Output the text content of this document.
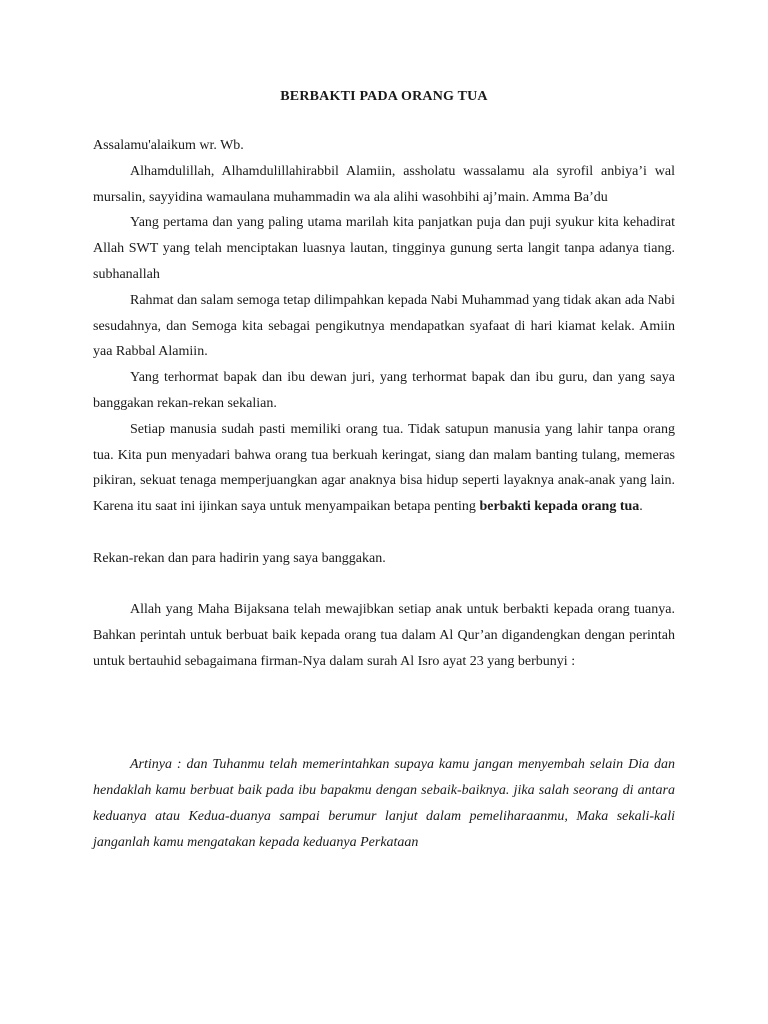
BERBAKTI PADA ORANG TUA

Assalamu'alaikum wr. Wb.

Alhamdulillah, Alhamdulillahirabbil Alamiin, assholatu wassalamu ala syrofil anbiya’i wal mursalin, sayyidina wamaulana muhammadin wa ala alihi wasohbihi aj’main. Amma Ba’du

Yang pertama dan yang paling utama marilah kita panjatkan puja dan puji syukur kita kehadirat Allah SWT yang telah menciptakan luasnya lautan, tingginya gunung serta langit tanpa adanya tiang. subhanallah

Rahmat dan salam semoga tetap dilimpahkan kepada Nabi Muhammad yang tidak akan ada Nabi sesudahnya, dan Semoga kita sebagai pengikutnya mendapatkan syafaat di hari kiamat kelak. Amiin yaa Rabbal Alamiin.

Yang terhormat bapak dan ibu dewan juri, yang terhormat bapak dan ibu guru, dan yang saya banggakan rekan-rekan sekalian.

Setiap manusia sudah pasti memiliki orang tua. Tidak satupun manusia yang lahir tanpa orang tua. Kita pun menyadari bahwa orang tua berkuah keringat, siang dan malam banting tulang, memeras pikiran, sekuat tenaga memperjuangkan agar anaknya bisa hidup seperti layaknya anak-anak yang lain. Karena itu saat ini ijinkan saya untuk menyampaikan betapa penting berbakti kepada orang tua.

Rekan-rekan dan para hadirin yang saya banggakan.

Allah yang Maha Bijaksana telah mewajibkan setiap anak untuk berbakti kepada orang tuanya. Bahkan perintah untuk berbuat baik kepada orang tua dalam Al Qur’an digandengkan dengan perintah untuk bertauhid sebagaimana firman-Nya dalam surah Al Isro ayat 23 yang berbunyi :

Artinya : dan Tuhanmu telah memerintahkan supaya kamu jangan menyembah selain Dia dan hendaklah kamu berbuat baik pada ibu bapakmu dengan sebaik-baiknya. jika salah seorang di antara keduanya atau Kedua-duanya sampai berumur lanjut dalam pemeliharaanmu, Maka sekali-kali janganlah kamu mengatakan kepada keduanya Perkataan
